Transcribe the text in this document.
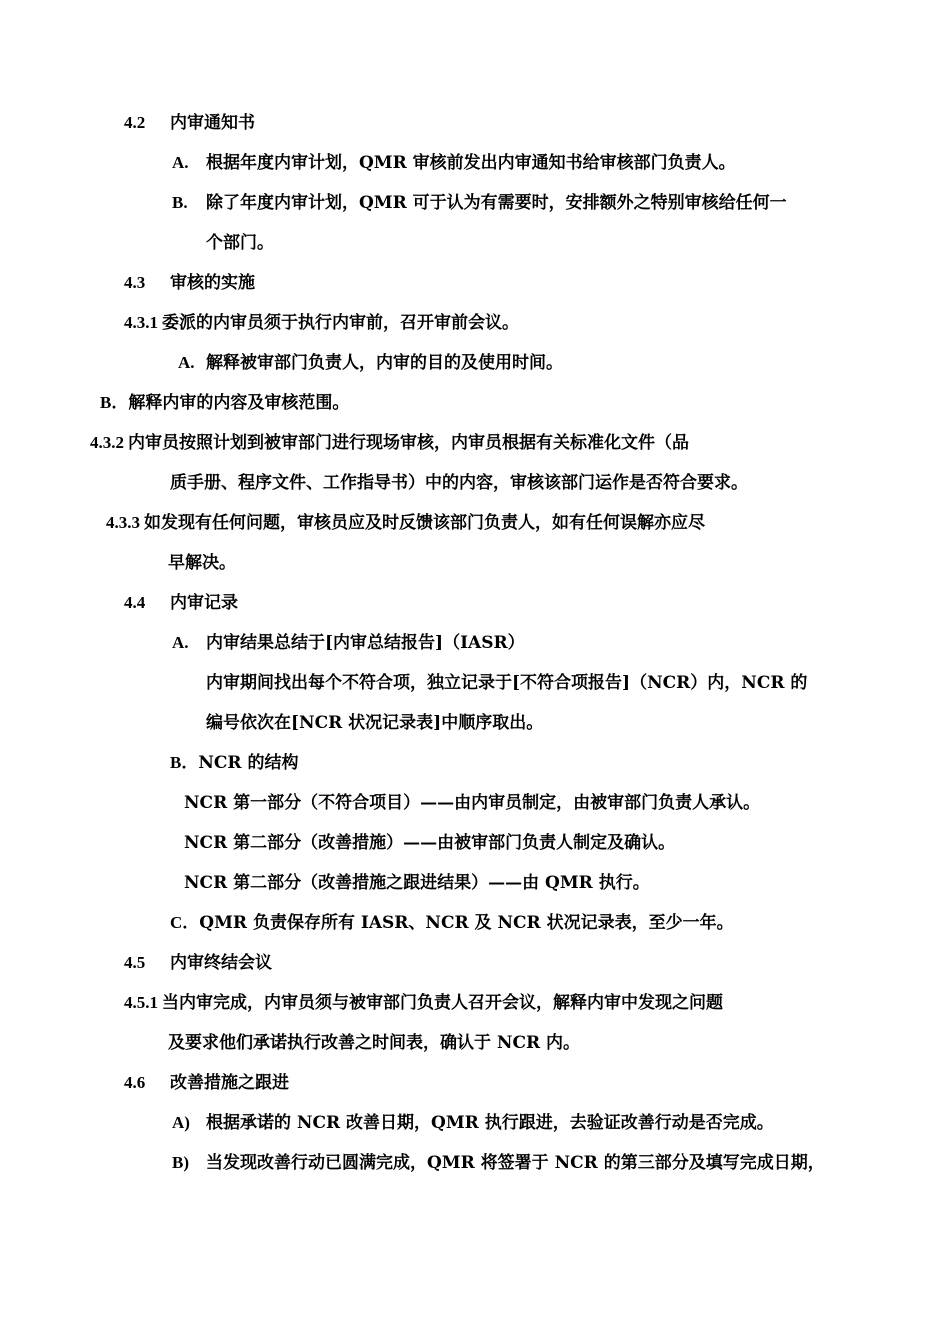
4.2 内审通知书
A. 根据年度内审计划，QMR 审核前发出内审通知书给审核部门负责人。
B. 除了年度内审计划，QMR 可于认为有需要时，安排额外之特别审核给任何一
个部门。
4.3 审核的实施
4.3.1 委派的内审员须于执行内审前，召开审前会议。
A. 解释被审部门负责人，内审的目的及使用时间。
B．解释内审的内容及审核范围。
4.3.2 内审员按照计划到被审部门进行现场审核，内审员根据有关标准化文件（品
质手册、程序文件、工作指导书）中的内容，审核该部门运作是否符合要求。
4.3.3 如发现有任何问题，审核员应及时反馈该部门负责人，如有任何误解亦应尽
早解决。
4.4 内审记录
A. 内审结果总结于[内审总结报告]（IASR）
内审期间找出每个不符合项，独立记录于[不符合项报告]（NCR）内，NCR 的
编号依次在[NCR 状况记录表]中顺序取出。
B．NCR 的结构
NCR 第一部分（不符合项目）——由内审员制定，由被审部门负责人承认。
NCR 第二部分（改善措施）——由被审部门负责人制定及确认。
NCR 第二部分（改善措施之跟进结果）——由 QMR 执行。
C．QMR 负责保存所有 IASR、NCR 及 NCR 状况记录表，至少一年。
4.5 内审终结会议
4.5.1 当内审完成，内审员须与被审部门负责人召开会议，解释内审中发现之问题
及要求他们承诺执行改善之时间表，确认于 NCR 内。
4.6 改善措施之跟进
A) 根据承诺的 NCR 改善日期，QMR 执行跟进，去验证改善行动是否完成。
B) 当发现改善行动已圆满完成，QMR 将签署于 NCR 的第三部分及填写完成日期，
